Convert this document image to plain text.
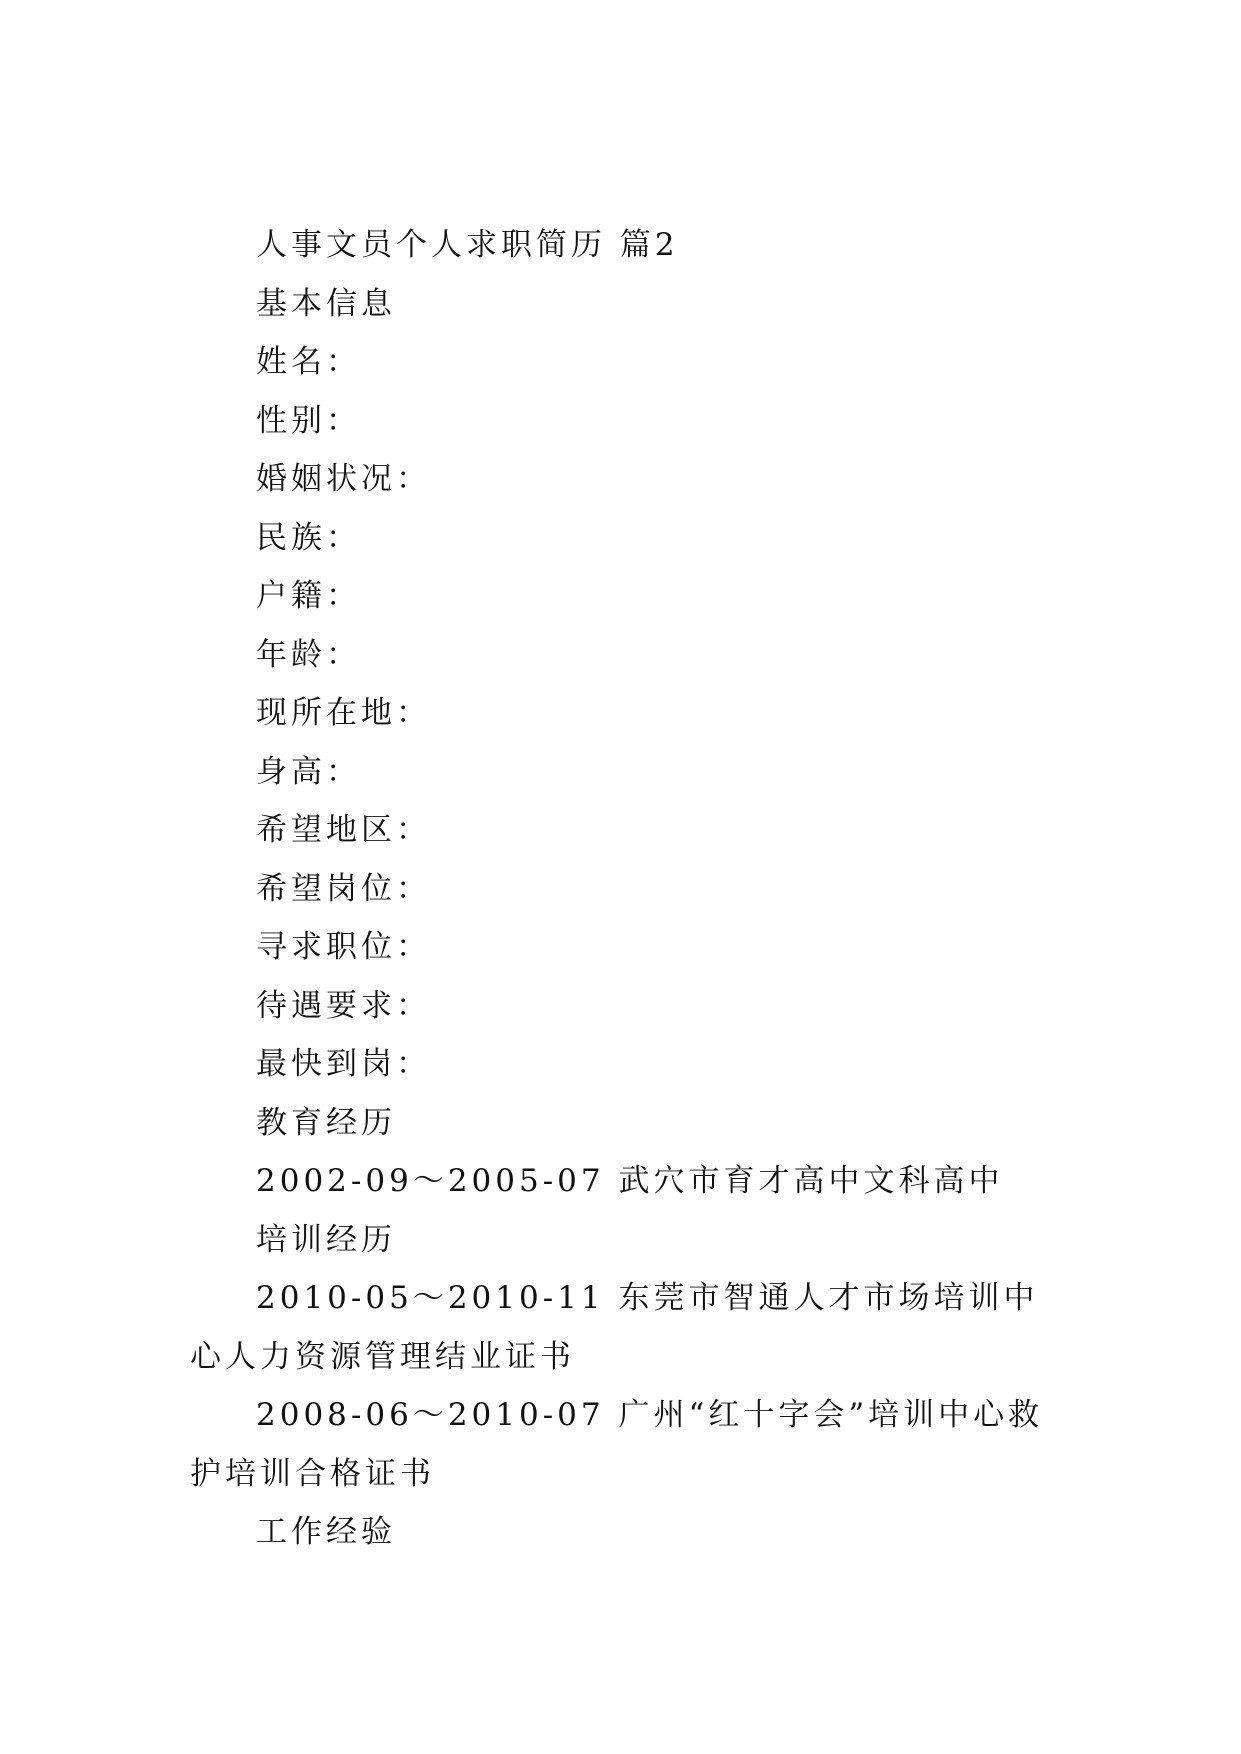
人事文员个人求职简历 篇2

基本信息

姓名：

性别：

婚姻状况：

民族：

户籍：

年龄：

现所在地：

身高：

希望地区：

希望岗位：

寻求职位：

待遇要求：

最快到岗：

教育经历

2002-09～2005-07 武穴市育才高中文科高中

培训经历

2010-05～2010-11 东莞市智通人才市场培训中心人力资源管理结业证书

2008-06～2010-07 广州“红十字会”培训中心救护培训合格证书

工作经验
